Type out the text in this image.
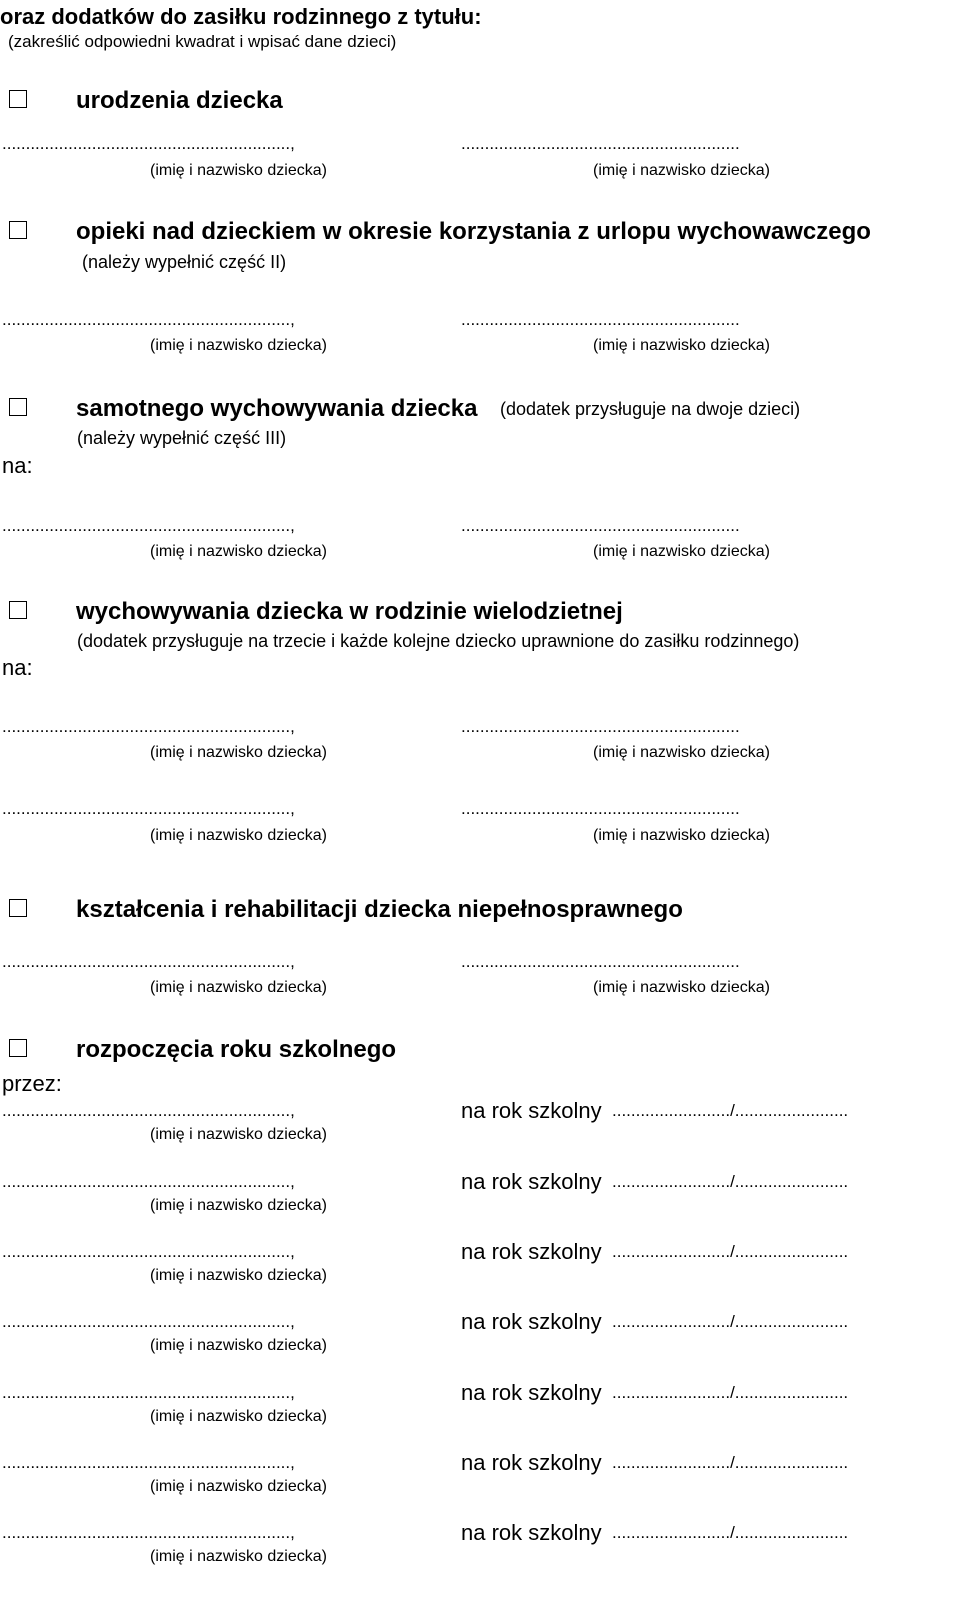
oraz dodatków do zasiłku rodzinnego z tytułu:
(zakreślić odpowiedni kwadrat i wpisać dane dzieci)
urodzenia dziecka
.............................................................,	...........................................................
(imię i nazwisko dziecka)	(imię i nazwisko dziecka)
opieki nad dzieckiem w okresie korzystania z urlopu wychowawczego
(należy wypełnić część II)
.............................................................,	...........................................................
(imię i nazwisko dziecka)	(imię i nazwisko dziecka)
samotnego wychowywania dziecka (dodatek przysługuje na dwoje dzieci)
(należy wypełnić część III)
na:
.............................................................,	...........................................................
(imię i nazwisko dziecka)	(imię i nazwisko dziecka)
wychowywania dziecka w rodzinie wielodzietnej
(dodatek przysługuje na trzecie i każde kolejne dziecko uprawnione do zasiłku rodzinnego)
na:
.............................................................,	...........................................................
(imię i nazwisko dziecka)	(imię i nazwisko dziecka)
.............................................................,	...........................................................
(imię i nazwisko dziecka)	(imię i nazwisko dziecka)
kształcenia i rehabilitacji dziecka niepełnosprawnego
.............................................................,	...........................................................
(imię i nazwisko dziecka)	(imię i nazwisko dziecka)
rozpoczęcia roku szkolnego
przez:
.............................................................,	na rok szkolny ........................./........................
(imię i nazwisko dziecka)
.............................................................,	na rok szkolny ........................./........................
(imię i nazwisko dziecka)
.............................................................,	na rok szkolny ........................./........................
(imię i nazwisko dziecka)
.............................................................,	na rok szkolny ........................./........................
(imię i nazwisko dziecka)
.............................................................,	na rok szkolny ........................./........................
(imię i nazwisko dziecka)
.............................................................,	na rok szkolny ........................./........................
(imię i nazwisko dziecka)
.............................................................,	na rok szkolny ........................./........................
(imię i nazwisko dziecka)
